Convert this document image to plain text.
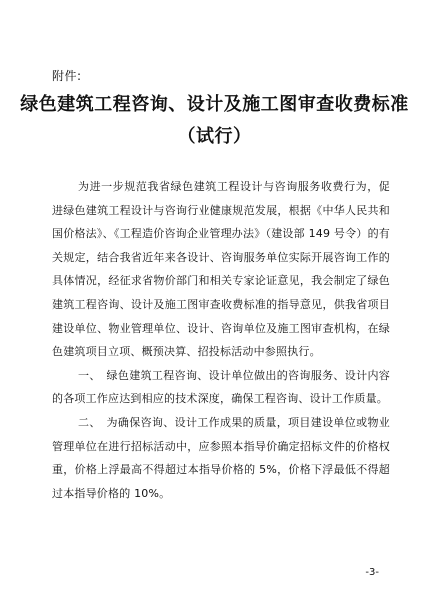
附件:
绿色建筑工程咨询、设计及施工图审查收费标准
（试行）

为进一步规范我省绿色建筑工程设计与咨询服务收费行为，促进绿色建筑工程设计与咨询行业健康规范发展，根据《中华人民共和国价格法》、《工程造价咨询企业管理办法》（建设部 149 号令）的有关规定，结合我省近年来各设计、咨询服务单位实际开展咨询工作的具体情况，经征求省物价部门和相关专家论证意见，我会制定了绿色建筑工程咨询、设计及施工图审查收费标准的指导意见，供我省项目建设单位、物业管理单位、设计、咨询单位及施工图审查机构，在绿色建筑项目立项、概预决算、招投标活动中参照执行。

一、　绿色建筑工程咨询、设计单位做出的咨询服务、设计内容的各项工作应达到相应的技术深度，确保工程咨询、设计工作质量。

二、　为确保咨询、设计工作成果的质量，项目建设单位或物业管理单位在进行招标活动中，应参照本指导价确定招标文件的价格权重，价格上浮最高不得超过本指导价格的 5%，价格下浮最低不得超过本指导价格的 10%。

-3-
